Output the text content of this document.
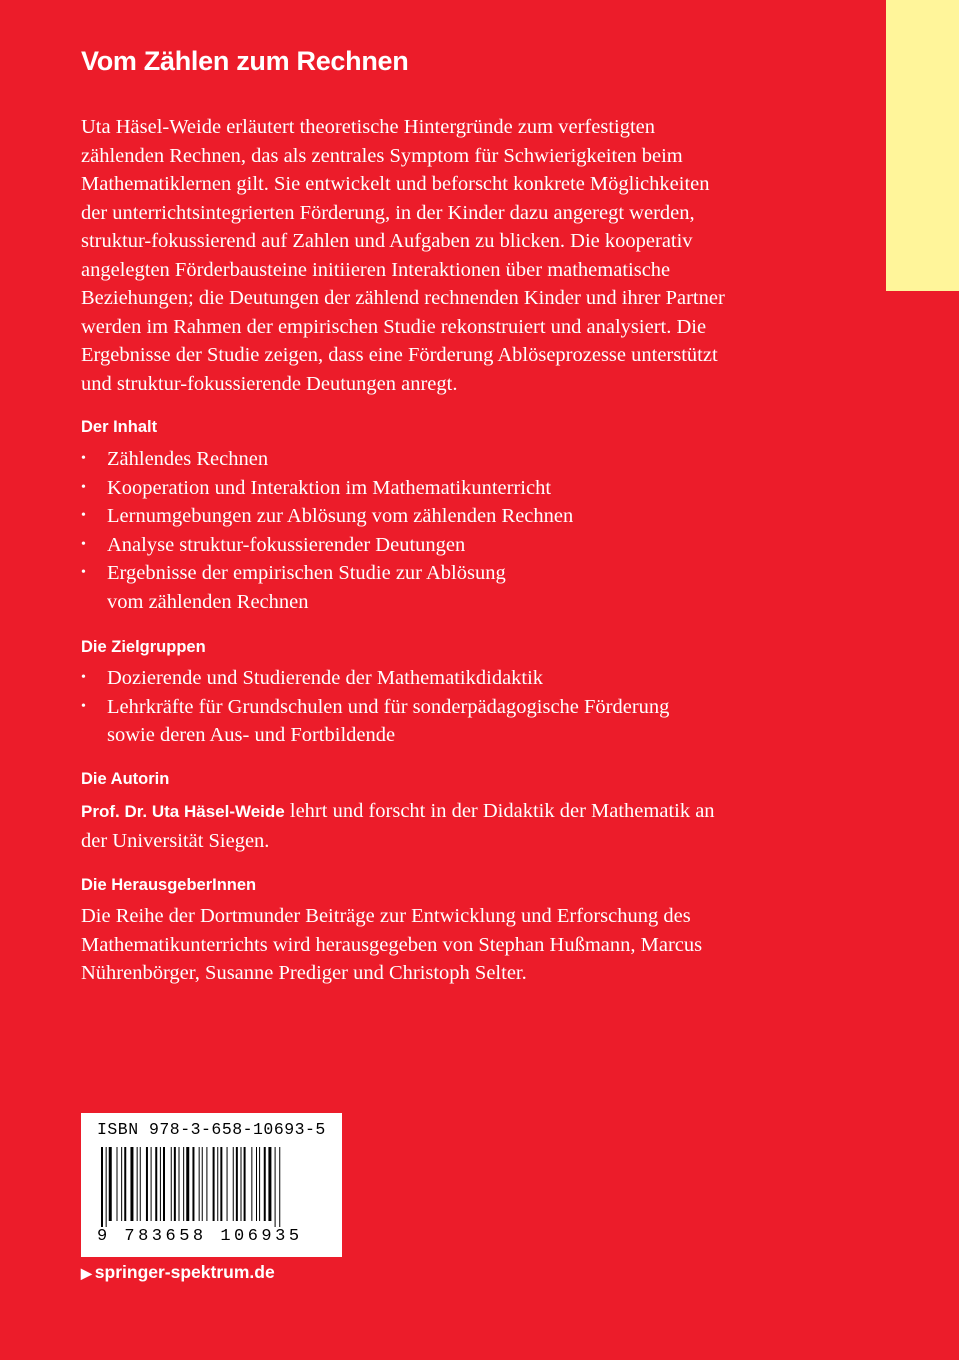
Vom Zählen zum Rechnen
Uta Häsel-Weide erläutert theoretische Hintergründe zum verfestigten
zählenden Rechnen, das als zentrales Symptom für Schwierigkeiten beim
Mathematiklernen gilt. Sie entwickelt und beforscht konkrete Möglichkeiten
der unterrichtsintegrierten Förderung, in der Kinder dazu angeregt werden,
struktur-fokussierend auf Zahlen und Aufgaben zu blicken. Die kooperativ
angelegten Förderbausteine initiieren Interaktionen über mathematische
Beziehungen; die Deutungen der zählend rechnenden Kinder und ihrer Partner
werden im Rahmen der empirischen Studie rekonstruiert und analysiert. Die
Ergebnisse der Studie zeigen, dass eine Förderung Ablöseprozesse unterstützt
und struktur-fokussierende Deutungen anregt.
Der Inhalt
• Zählendes Rechnen
• Kooperation und Interaktion im Mathematikunterricht
• Lernumgebungen zur Ablösung vom zählenden Rechnen
• Analyse struktur-fokussierender Deutungen
• Ergebnisse der empirischen Studie zur Ablösung
vom zählenden Rechnen
Die Zielgruppen
• Dozierende und Studierende der Mathematikdidaktik
• Lehrkräfte für Grundschulen und für sonderpädagogische Förderung
sowie deren Aus- und Fortbildende
Die Autorin
Prof. Dr. Uta Häsel-Weide lehrt und forscht in der Didaktik der Mathematik an
der Universität Siegen.
Die HerausgeberInnen
Die Reihe der Dortmunder Beiträge zur Entwicklung und Erforschung des
Mathematikunterrichts wird herausgegeben von Stephan Hußmann, Marcus
Nührenbörger, Susanne Prediger und Christoph Selter.
ISBN 978-3-658-10693-5
9 783658 106935
▶ springer-spektrum.de
